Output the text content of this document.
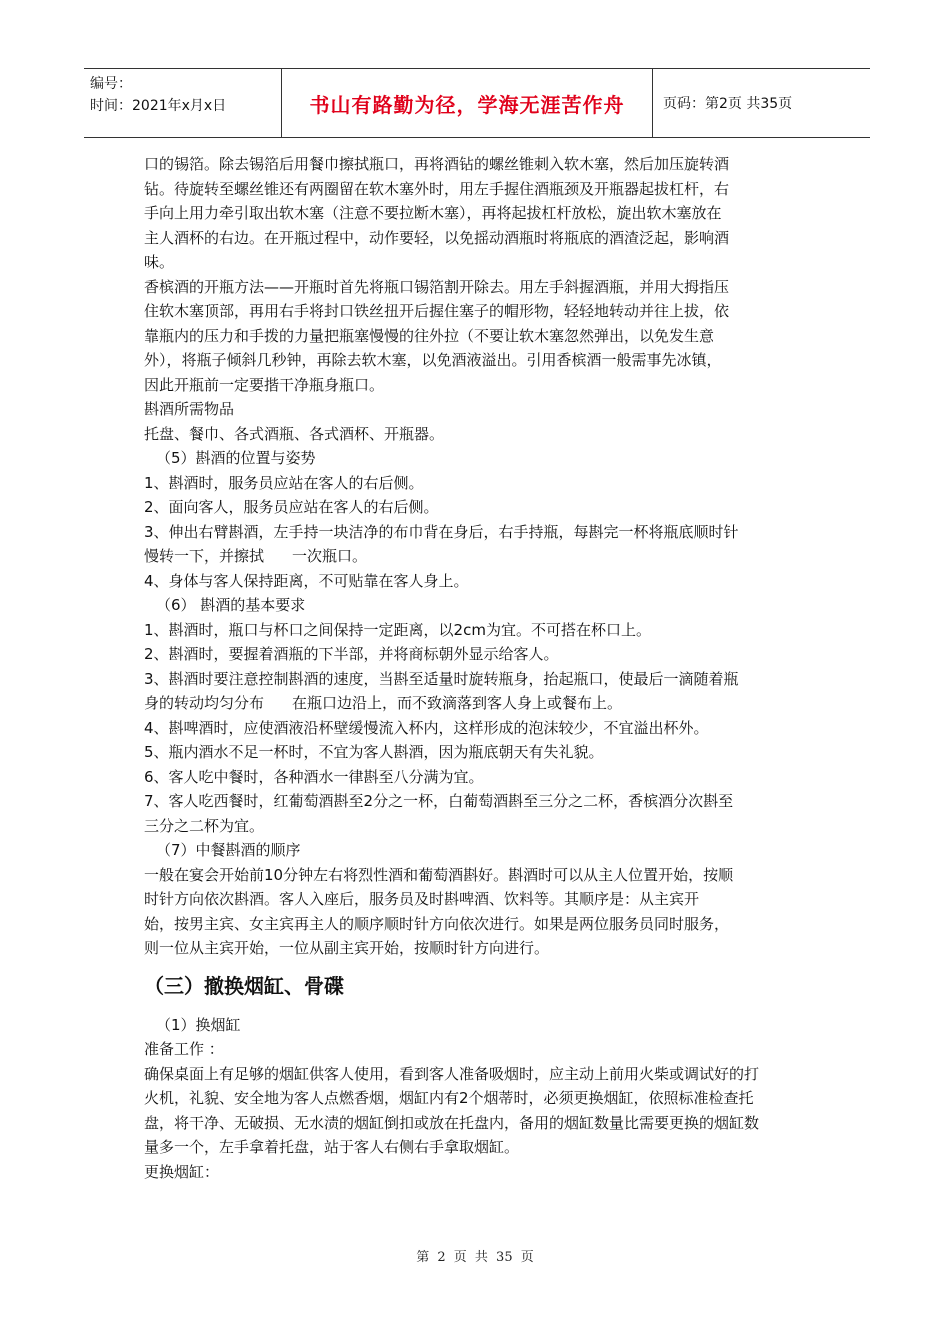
编号：
时间：2021年x月x日	书山有路勤为径，学海无涯苦作舟	页码：第2页 共35页

口的锡箔。除去锡箔后用餐巾擦拭瓶口，再将酒钻的螺丝锥刺入软木塞，然后加压旋转酒

钻。待旋转至螺丝锥还有两圈留在软木塞外时，用左手握住酒瓶颈及开瓶器起拔杠杆，右

手向上用力牵引取出软木塞（注意不要拉断木塞），再将起拔杠杆放松，旋出软木塞放在

主人酒杯的右边。在开瓶过程中，动作要轻，以免摇动酒瓶时将瓶底的酒渣泛起，影响酒

味。

香槟酒的开瓶方法——开瓶时首先将瓶口锡箔割开除去。用左手斜握酒瓶，并用大拇指压

住软木塞顶部，再用右手将封口铁丝扭开后握住塞子的帽形物，轻轻地转动并往上拔，依

靠瓶内的压力和手拨的力量把瓶塞慢慢的往外拉（不要让软木塞忽然弹出，以免发生意

外），将瓶子倾斜几秒钟，再除去软木塞，以免酒液溢出。引用香槟酒一般需事先冰镇，

因此开瓶前一定要揩干净瓶身瓶口。

斟酒所需物品

托盘、餐巾、各式酒瓶、各式酒杯、开瓶器。

（5）斟酒的位置与姿势

1、斟酒时，服务员应站在客人的右后侧。

2、面向客人，服务员应站在客人的右后侧。

3、伸出右臂斟酒，左手持一块洁净的布巾背在身后，右手持瓶，每斟完一杯将瓶底顺时针

慢转一下，并擦拭 一次瓶口。

4、身体与客人保持距离，不可贴靠在客人身上。

（6） 斟酒的基本要求

1、斟酒时，瓶口与杯口之间保持一定距离，以2cm为宜。不可搭在杯口上。

2、斟酒时，要握着酒瓶的下半部，并将商标朝外显示给客人。

3、斟酒时要注意控制斟酒的速度，当斟至适量时旋转瓶身，抬起瓶口，使最后一滴随着瓶

身的转动均匀分布 在瓶口边沿上，而不致滴落到客人身上或餐布上。

4、斟啤酒时，应使酒液沿杯壁缓慢流入杯内，这样形成的泡沫较少，不宜溢出杯外。

5、瓶内酒水不足一杯时，不宜为客人斟酒，因为瓶底朝天有失礼貌。

6、客人吃中餐时，各种酒水一律斟至八分满为宜。

7、客人吃西餐时，红葡萄酒斟至2分之一杯，白葡萄酒斟至三分之二杯，香槟酒分次斟至

三分之二杯为宜。

（7）中餐斟酒的顺序

一般在宴会开始前10分钟左右将烈性酒和葡萄酒斟好。斟酒时可以从主人位置开始，按顺

时针方向依次斟酒。客人入座后，服务员及时斟啤酒、饮料等。其顺序是：从主宾开

始，按男主宾、女主宾再主人的顺序顺时针方向依次进行。如果是两位服务员同时服务，

则一位从主宾开始，一位从副主宾开始，按顺时针方向进行。

（三）撤换烟缸、骨碟

（1）换烟缸

准备工作 ：

确保桌面上有足够的烟缸供客人使用，看到客人准备吸烟时，应主动上前用火柴或调试好的打

火机，礼貌、安全地为客人点燃香烟，烟缸内有2个烟蒂时，必须更换烟缸，依照标准检查托

盘，将干净、无破损、无水渍的烟缸倒扣或放在托盘内，备用的烟缸数量比需要更换的烟缸数

量多一个，左手拿着托盘，站于客人右侧右手拿取烟缸。

更换烟缸：

第 2 页 共 35 页
